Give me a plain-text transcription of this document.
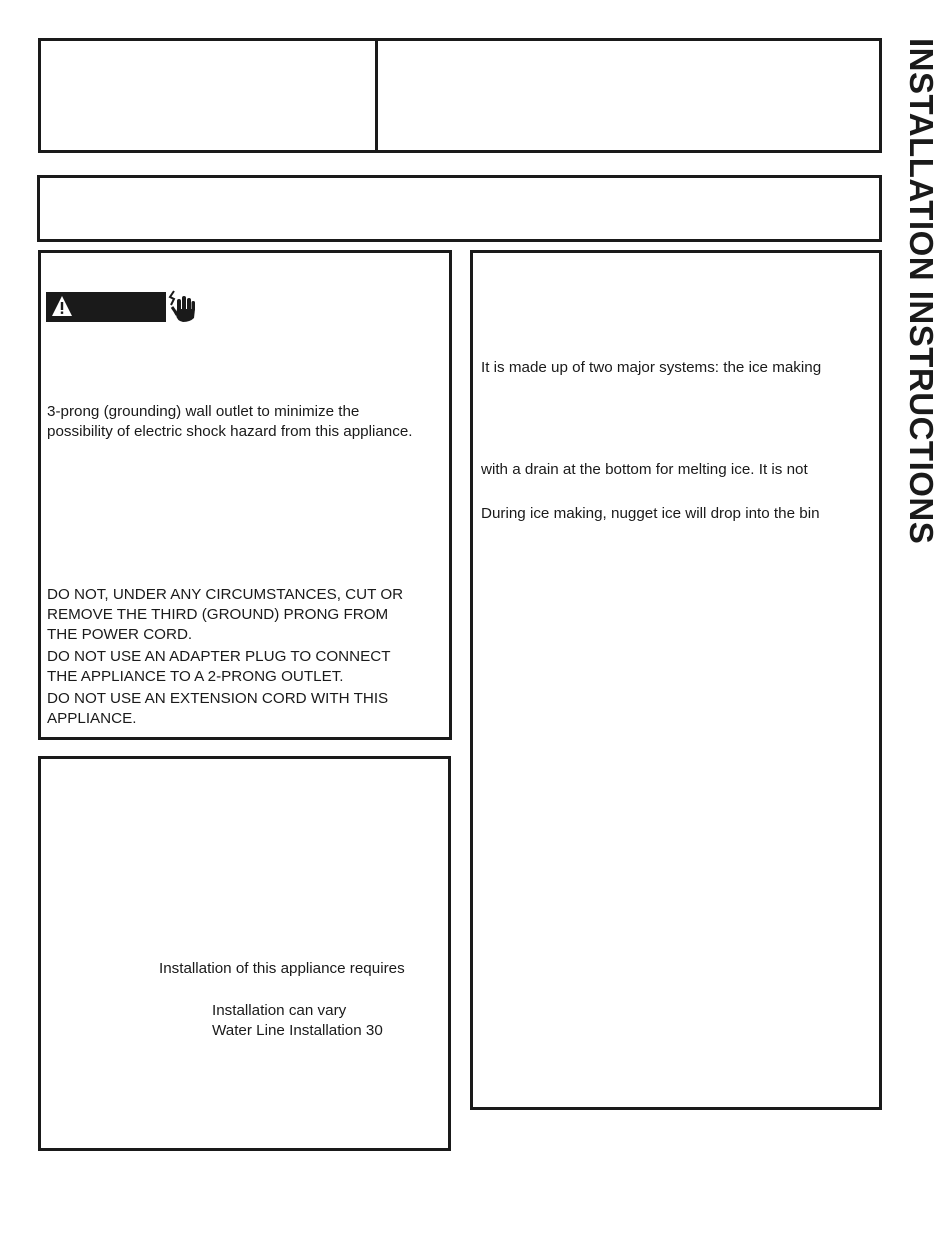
INSTALLATION INSTRUCTIONS
3-prong (grounding) wall outlet to minimize the
possibility of electric shock hazard from this appliance.
DO NOT, UNDER ANY CIRCUMSTANCES, CUT OR
REMOVE THE THIRD (GROUND) PRONG FROM
THE POWER CORD.
DO NOT USE AN ADAPTER PLUG TO CONNECT
THE APPLIANCE TO A 2-PRONG OUTLET.
DO NOT USE AN EXTENSION CORD WITH THIS
APPLIANCE.
Installation of this appliance requires
Installation can vary
Water Line Installation 30
It is made up of two major systems: the ice making
with a drain at the bottom for melting ice. It is not
During ice making, nugget ice will drop into the bin
